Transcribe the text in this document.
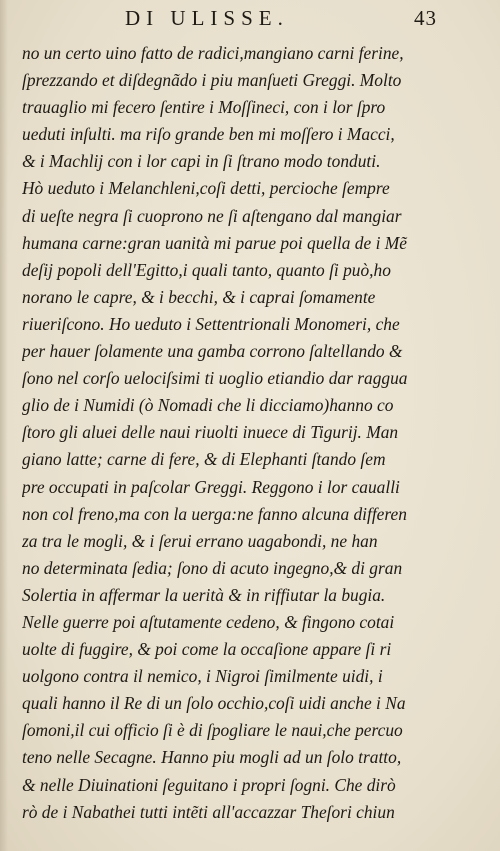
DI ULISSE.	43
no un certo uino fatto de radici,mangiano carni ferine,
ſprezzando et diſdegnãdo i piu manſueti Greggi. Molto
trauaglio mi fecero ſentire i Moſſineci, con i lor ſpro
ueduti inſulti. ma riſo grande ben mi moſſero i Macci,
& i Machlij con i lor capi in ſi ſtrano modo tonduti.
Hò ueduto i Melanchleni,coſi detti, percioche ſempre
di ueſte negra ſi cuoprono ne ſi aſtengano dal mangiar
humana carne:gran uanità mi parue poi quella de i Mẽ
deſij popoli dell'Egitto,i quali tanto, quanto ſi può,ho
norano le capre, & i becchi, & i caprai ſomamente
riueriſcono. Ho ueduto i Settentrionali Monomeri, che
per hauer ſolamente una gamba corrono ſaltellando &
ſono nel corſo uelociſsimi ti uoglio etiandio dar raggua
glio de i Numidi (ò Nomadi che li dicciamo)hanno co
ſtoro gli aluei delle naui riuolti inuece di Tigurij. Man
giano latte; carne di fere, & di Elephanti ſtando ſem
pre occupati in paſcolar Greggi. Reggono i lor caualli
non col freno,ma con la uerga:ne fanno alcuna differen
za tra le mogli, & i ſerui errano uagabondi, ne han
no determinata ſedia; ſono di acuto ingegno,& di gran
Solertia in affermar la uerità & in riffiutar la bugia.
Nelle guerre poi aſtutamente cedeno, & fingono cotai
uolte di fuggire, & poi come la occaſione appare ſi ri
uolgono contra il nemico, i Nigroi ſimilmente uidi, i
quali hanno il Re di un ſolo occhio,coſi uidi anche i Na
ſomoni,il cui officio ſi è di ſpogliare le naui,che percuo
teno nelle Secagne. Hanno piu mogli ad un ſolo tratto,
& nelle Diuinationi ſeguitano i propri ſogni. Che dirò
rò de i Nabathei tutti intẽti all'accazzar Theſori chiun
